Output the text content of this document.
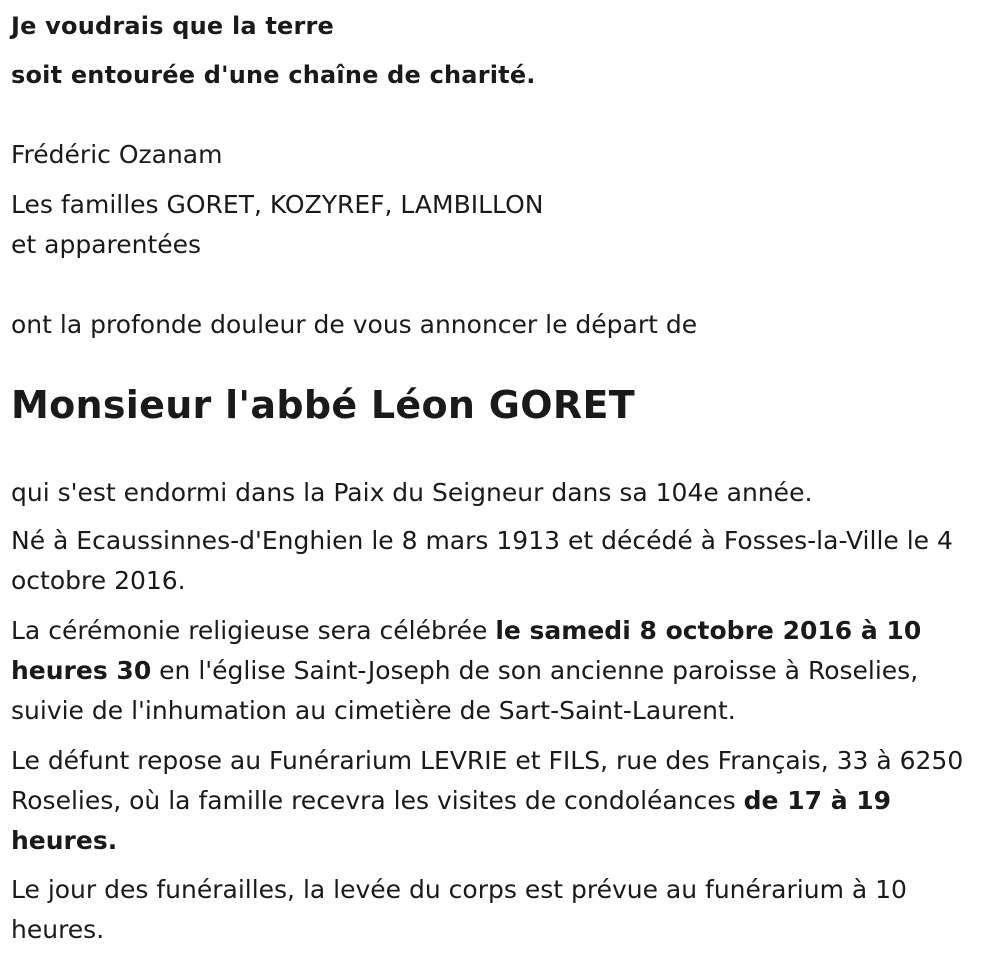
Je voudrais que la terre
soit entourée d'une chaîne de charité.
Frédéric Ozanam
Les familles GORET, KOZYREF, LAMBILLON
et apparentées
ont la profonde douleur de vous annoncer le départ de
Monsieur l'abbé Léon GORET
qui s'est endormi dans la Paix du Seigneur dans sa 104e année.
Né à Ecaussinnes-d'Enghien le 8 mars 1913 et décédé à Fosses-la-Ville le 4 octobre 2016.
La cérémonie religieuse sera célébrée le samedi 8 octobre 2016 à 10 heures 30 en l'église Saint-Joseph de son ancienne paroisse à Roselies, suivie de l'inhumation au cimetière de Sart-Saint-Laurent.
Le défunt repose au Funérarium LEVRIE et FILS, rue des Français, 33 à 6250 Roselies, où la famille recevra les visites de condoléances de 17 à 19 heures.
Le jour des funérailles, la levée du corps est prévue au funérarium à 10 heures.
